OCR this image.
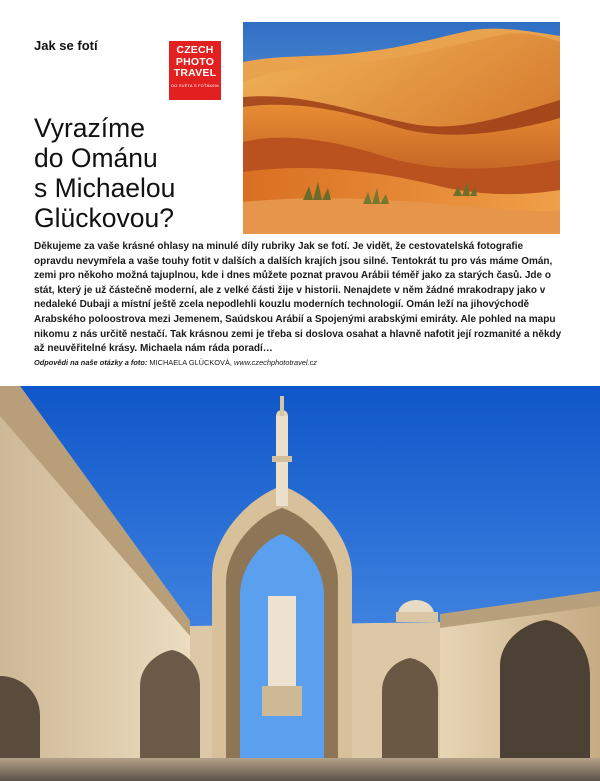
Jak se fotí	CZECH
PHOTO
TRAVEL
DO SVĚTA S FOŤÁKEM
Vyrazíme
do Ománu
s Michaelou
Glückovou?

Děkujeme za vaše krásné ohlasy na minulé díly rubriky Jak se fotí. Je vidět, že cestovatelská fotografie opravdu nevymřela a vaše touhy fotit v dalších a dalších krajích jsou silné. Tentokrát tu pro vás máme Omán, zemi pro někoho možná tajuplnou, kde i dnes můžete poznat pravou Arábii téměř jako za starých časů. Jde o stát, který je už částečně moderní, ale z velké části žije v historii. Nenajdete v něm žádné mrakodrapy jako v nedaleké Dubaji a místní ještě zcela nepodlehli kouzlu moderních technologií. Omán leží na jihovýchodě Arabského poloostrova mezi Jemenem, Saúdskou Arábií a Spojenými arabskými emiráty. Ale pohled na mapu nikomu z nás určitě nestačí. Tak krásnou zemi je třeba si doslova osahat a hlavně nafotit její rozmanité a někdy až neuvěřitelné krásy. Michaela nám ráda poradí…

Odpovědi na naše otázky a foto: MICHAELA GLÜCKOVÁ, www.czechphototravel.cz
